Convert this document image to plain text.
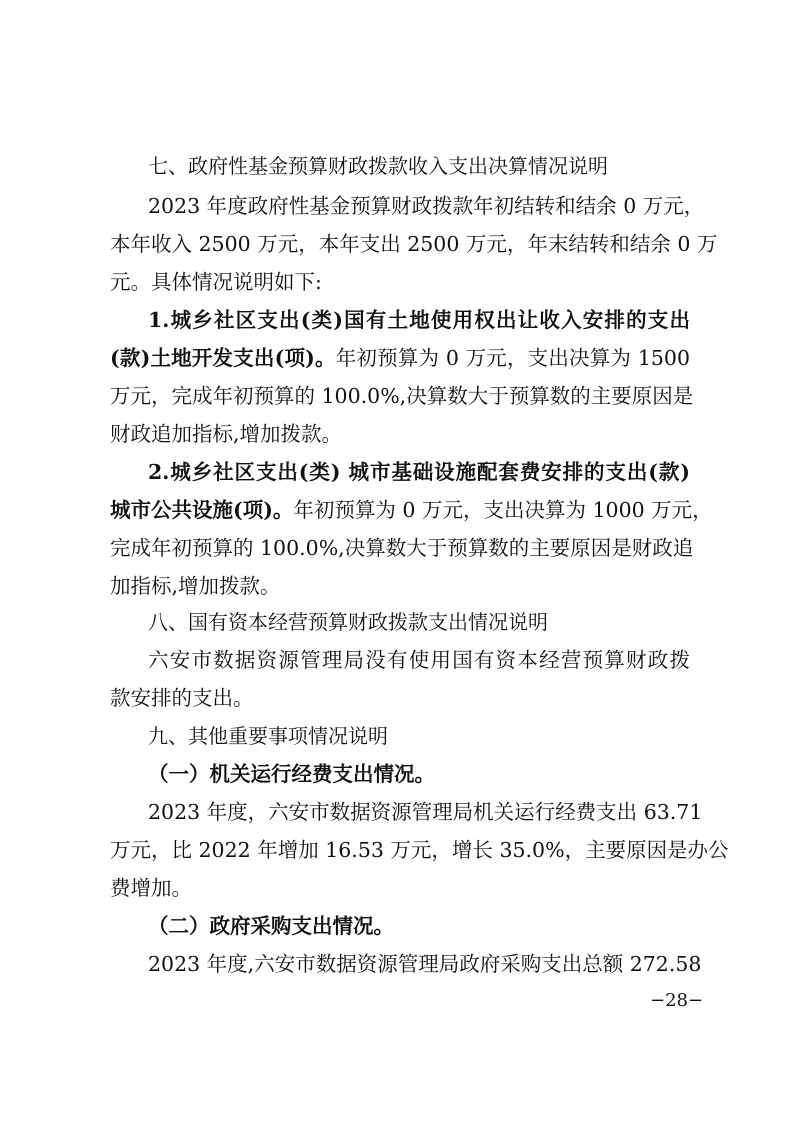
七、政府性基金预算财政拨款收入支出决算情况说明
2023 年度政府性基金预算财政拨款年初结转和结余 0 万元，
本年收入 2500 万元，本年支出 2500 万元，年末结转和结余 0 万
元。具体情况说明如下:
1.城乡社区支出(类)国有土地使用权出让收入安排的支出
(款)土地开发支出(项)。年初预算为 0 万元，支出决算为 1500
万元，完成年初预算的 100.0%,决算数大于预算数的主要原因是
财政追加指标,增加拨款。
2.城乡社区支出(类) 城市基础设施配套费安排的支出(款)
城市公共设施(项)。年初预算为 0 万元，支出决算为 1000 万元，
完成年初预算的 100.0%,决算数大于预算数的主要原因是财政追
加指标,增加拨款。
八、国有资本经营预算财政拨款支出情况说明
六安市数据资源管理局没有使用国有资本经营预算财政拨
款安排的支出。
九、其他重要事项情况说明
（一）机关运行经费支出情况。
2023 年度，六安市数据资源管理局机关运行经费支出 63.71
万元，比 2022 年增加 16.53 万元，增长 35.0%，主要原因是办公
费增加。
（二）政府采购支出情况。
2023 年度,六安市数据资源管理局政府采购支出总额 272.58
−28−
